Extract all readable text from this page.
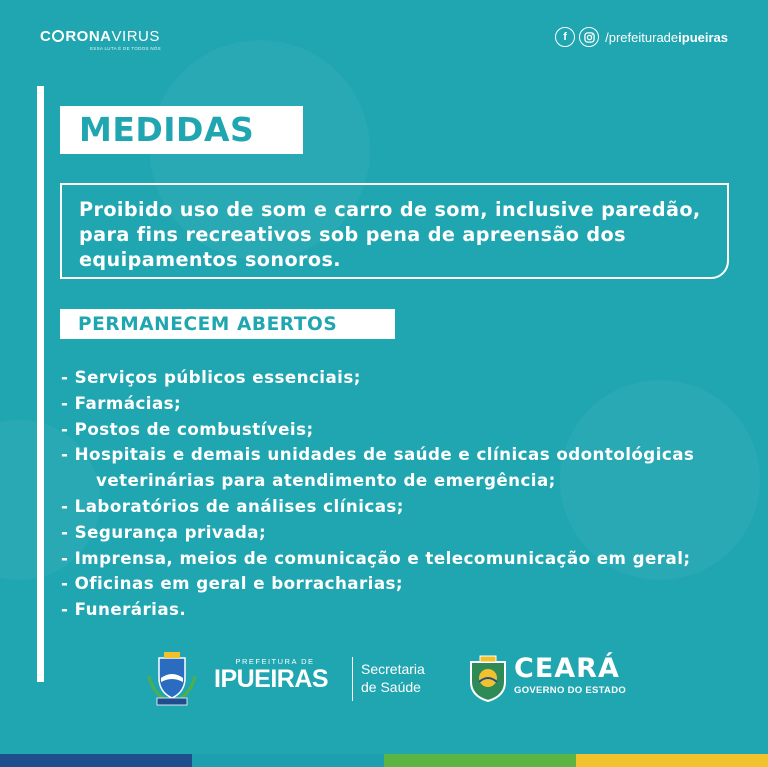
C RONAVIRUS
ESSA LUTA É DE TODOS NÓS
f	/prefeituradeipueiras
MEDIDAS
Proibido uso de som e carro de som, inclusive paredão, para fins recreativos sob pena de apreensão dos equipamentos sonoros.
PERMANECEM ABERTOS
- Serviços públicos essenciais;
- Farmácias;
- Postos de combustíveis;
- Hospitais e demais unidades de saúde e clínicas odontológicas
veterinárias para atendimento de emergência;
- Laboratórios de análises clínicas;
- Segurança privada;
- Imprensa, meios de comunicação e telecomunicação em geral;
- Oficinas em geral e borracharias;
- Funerárias.
PREFEITURA DE
IPUEIRAS	Secretaria
de Saúde
CEARÁ
GOVERNO DO ESTADO
